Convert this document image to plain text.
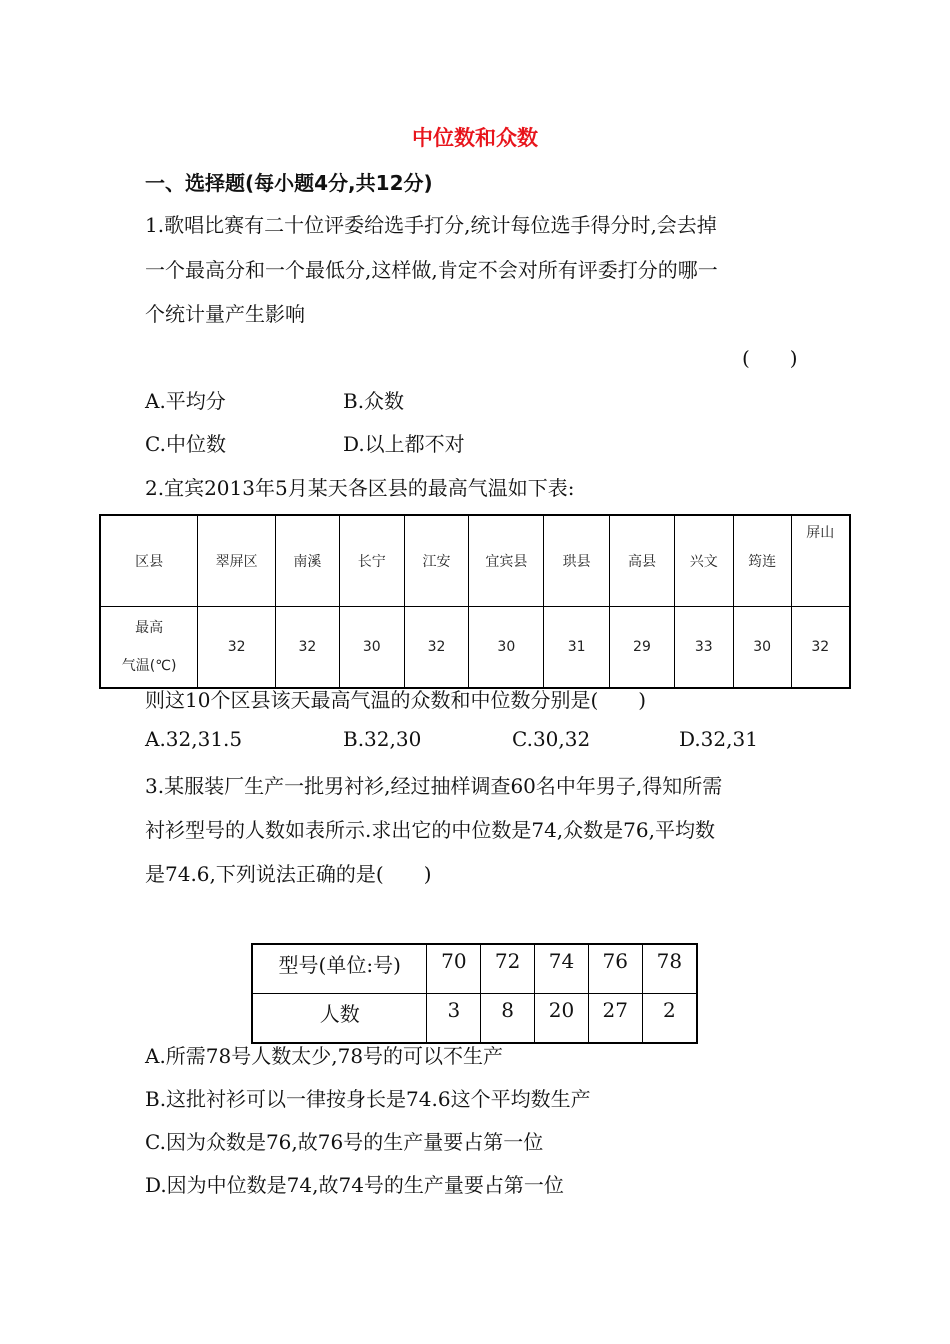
中位数和众数
一、选择题(每小题4分,共12分)
1.歌唱比赛有二十位评委给选手打分,统计每位选手得分时,会去掉
一个最高分和一个最低分,这样做,肯定不会对所有评委打分的哪一
个统计量产生影响
(　　)
A.平均分	B.众数
C.中位数	D.以上都不对
2.宜宾2013年5月某天各区县的最高气温如下表:
区县	翠屏区	南溪	长宁	江安	宜宾县	珙县	高县	兴文	筠连	屏山

最高
气温(℃)	32	32	30	32	30	31	29	33	30	32
则这10个区县该天最高气温的众数和中位数分别是(　　)
A.32,31.5	B.32,30	C.30,32	D.32,31
3.某服装厂生产一批男衬衫,经过抽样调查60名中年男子,得知所需
衬衫型号的人数如表所示.求出它的中位数是74,众数是76,平均数
是74.6,下列说法正确的是(　　)
型号(单位:号)	70	72	74	76	78
人数	3	8	20	27	2
A.所需78号人数太少,78号的可以不生产
B.这批衬衫可以一律按身长是74.6这个平均数生产
C.因为众数是76,故76号的生产量要占第一位
D.因为中位数是74,故74号的生产量要占第一位
